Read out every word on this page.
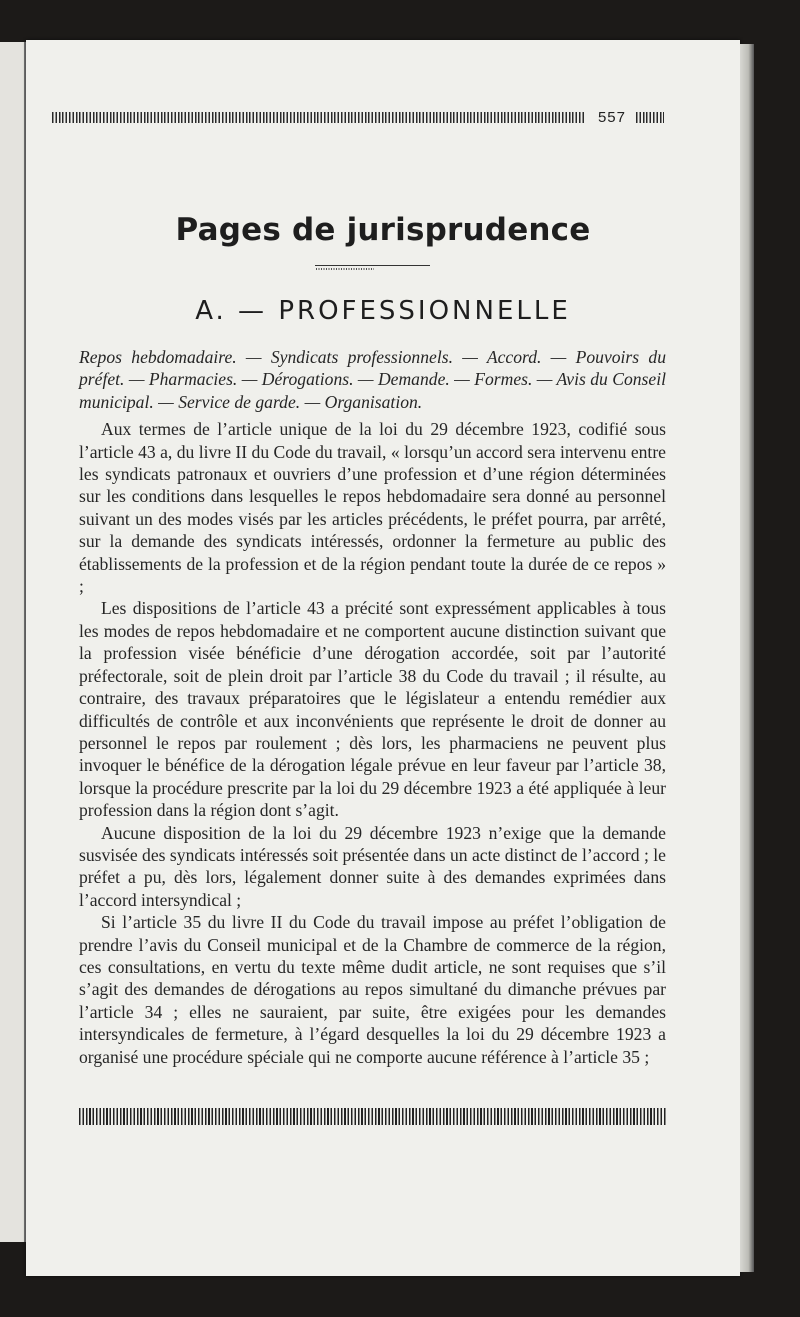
557
Pages de jurisprudence
A. — PROFESSIONNELLE

Repos hebdomadaire. — Syndicats professionnels. — Accord. — Pouvoirs du préfet. — Pharmacies. — Dérogations. — Demande. — Formes. — Avis du Conseil municipal. — Service de garde. — Organisation.

Aux termes de l’article unique de la loi du 29 décembre 1923, codifié sous l’article 43 a, du livre II du Code du travail, « lorsqu’un accord sera intervenu entre les syndicats patronaux et ouvriers d’une profession et d’une région déterminées sur les conditions dans lesquelles le repos hebdomadaire sera donné au personnel suivant un des modes visés par les articles précédents, le préfet pourra, par arrêté, sur la demande des syndicats intéressés, ordonner la fermeture au public des établissements de la profession et de la région pendant toute la durée de ce repos » ;

Les dispositions de l’article 43 a précité sont expressément applicables à tous les modes de repos hebdomadaire et ne comportent aucune distinction suivant que la profession visée bénéficie d’une dérogation accordée, soit par l’autorité préfectorale, soit de plein droit par l’article 38 du Code du travail ; il résulte, au contraire, des travaux préparatoires que le législateur a entendu remédier aux difficultés de contrôle et aux inconvénients que représente le droit de donner au personnel le repos par roulement ; dès lors, les pharmaciens ne peuvent plus invoquer le bénéfice de la dérogation légale prévue en leur faveur par l’article 38, lorsque la procédure prescrite par la loi du 29 décembre 1923 a été appliquée à leur profession dans la région dont s’agit.

Aucune disposition de la loi du 29 décembre 1923 n’exige que la demande susvisée des syndicats intéressés soit présentée dans un acte distinct de l’accord ; le préfet a pu, dès lors, légalement donner suite à des demandes exprimées dans l’accord intersyndical ;

Si l’article 35 du livre II du Code du travail impose au préfet l’obligation de prendre l’avis du Conseil municipal et de la Chambre de commerce de la région, ces consultations, en vertu du texte même dudit article, ne sont requises que s’il s’agit des demandes de dérogations au repos simultané du dimanche prévues par l’article 34 ; elles ne sauraient, par suite, être exigées pour les demandes intersyndicales de fermeture, à l’égard desquelles la loi du 29 décembre 1923 a organisé une procédure spéciale qui ne comporte aucune référence à l’article 35 ;
